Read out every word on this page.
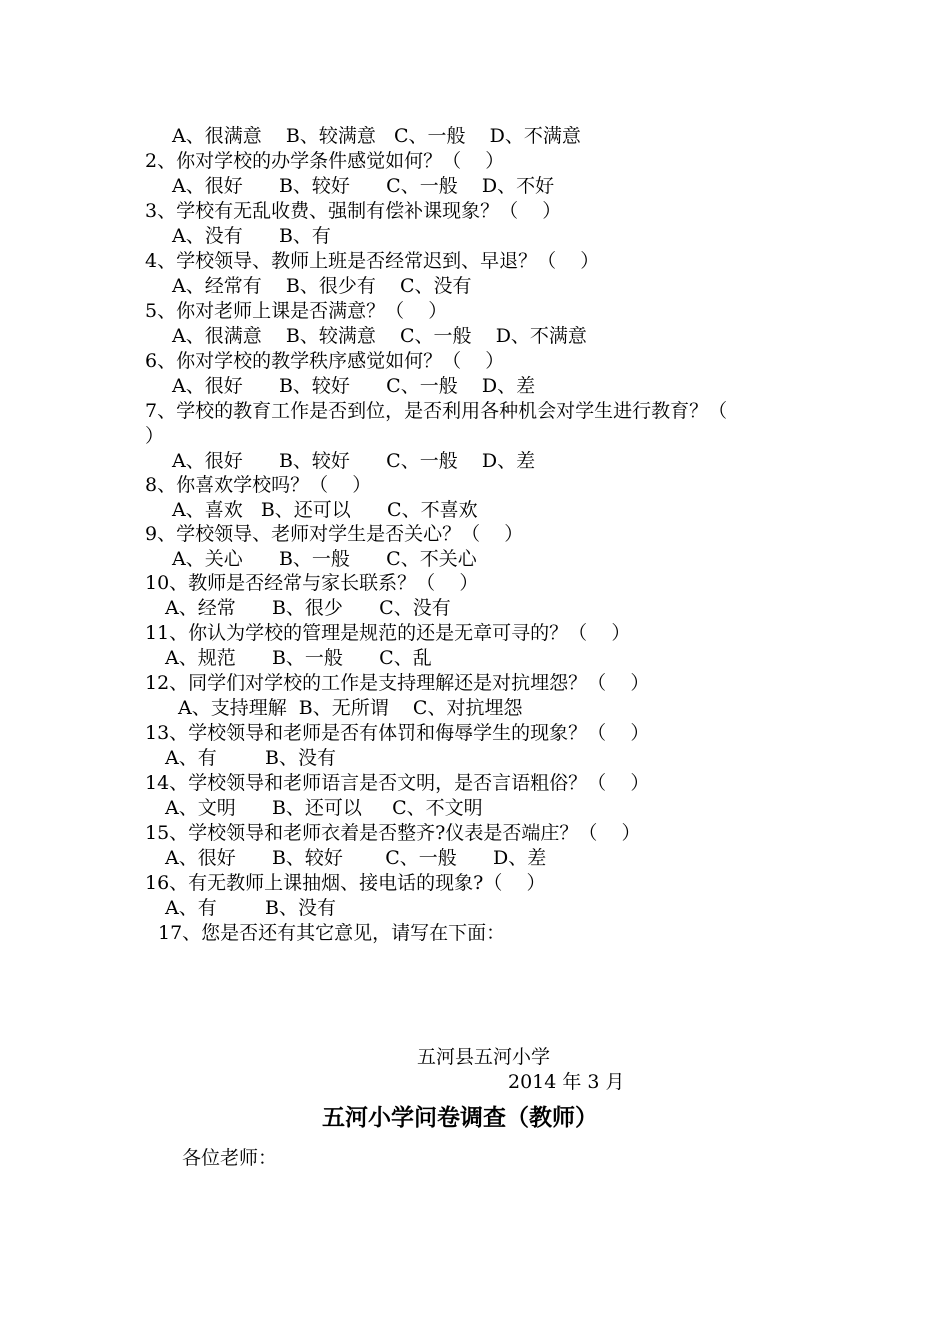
A、很满意    B、较满意   C、一般    D、不满意
2、你对学校的办学条件感觉如何？（    ）
A、很好      B、较好      C、一般    D、不好
3、学校有无乱收费、强制有偿补课现象？（    ）
A、没有      B、有
4、学校领导、教师上班是否经常迟到、早退？（    ）
A、经常有    B、很少有    C、没有
5、你对老师上课是否满意？（    ）
A、很满意    B、较满意    C、一般    D、不满意
6、你对学校的教学秩序感觉如何？（    ）
A、很好      B、较好      C、一般    D、差
7、学校的教育工作是否到位，是否利用各种机会对学生进行教育？（
）
A、很好      B、较好      C、一般    D、差
8、你喜欢学校吗？（    ）
A、喜欢   B、还可以      C、不喜欢
9、学校领导、老师对学生是否关心？（    ）
A、关心      B、一般      C、不关心
10、教师是否经常与家长联系？（    ）
A、经常      B、很少      C、没有
11、你认为学校的管理是规范的还是无章可寻的？（    ）
A、规范      B、一般      C、乱
12、同学们对学校的工作是支持理解还是对抗埋怨？（    ）
A、支持理解  B、无所谓    C、对抗埋怨
13、学校领导和老师是否有体罚和侮辱学生的现象？（    ）
A、有        B、没有
14、学校领导和老师语言是否文明，是否言语粗俗？（    ）
A、文明      B、还可以     C、不文明
15、学校领导和老师衣着是否整齐?仪表是否端庄？（    ）
A、很好      B、较好       C、一般      D、差
16、有无教师上课抽烟、接电话的现象?（    ）
A、有        B、没有
17、您是否还有其它意见，请写在下面：
五河县五河小学
2014 年 3 月
五河小学问卷调查（教师）
各位老师：
